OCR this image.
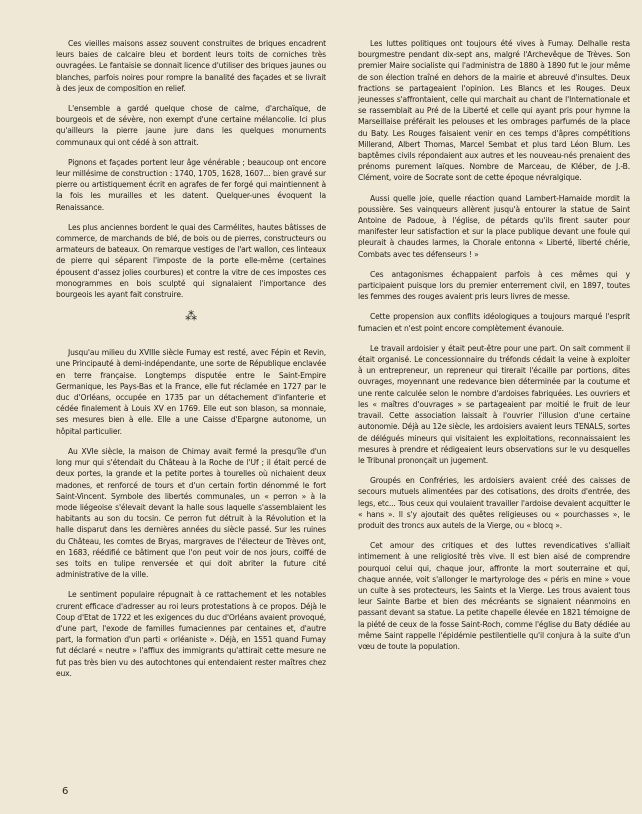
Ces vieilles maisons assez souvent construites de briques encadrent leurs baies de calcaire bleu et bordent leurs toits de corniches très ouvragées. Le fantaisie se donnait licence d'utiliser des briques jaunes ou blanches, parfois noires pour rompre la banalité des façades et se livrait à des jeux de composition en relief.

L'ensemble a gardé quelque chose de calme, d'archaïque, de bourgeois et de sévère, non exempt d'une certaine mélancolie. Ici plus qu'ailleurs la pierre jaune jure dans les quelques monuments communaux qui ont cédé à son attrait.

Pignons et façades portent leur âge vénérable ; beaucoup ont encore leur millésime de construction : 1740, 1705, 1628, 1607... bien gravé sur pierre ou artistiquement écrit en agrafes de fer forgé qui maintiennent à la fois les murailles et les datent. Quelquer-unes évoquent la Renaissance.

Les plus anciennes bordent le quai des Carmélites, hautes bâtisses de commerce, de marchands de blé, de bois ou de pierres, constructeurs ou armateurs de bateaux. On remarque vestiges de l'art wallon, ces linteaux de pierre qui séparent l'imposte de la porte elle-même (certaines épousent d'assez jolies courbures) et contre la vitre de ces impostes ces monogrammes en bois sculpté qui signalaient l'importance des bourgeois les ayant fait construire.

⁂

Jusqu'au milieu du XVIIIe siècle Fumay est resté, avec Fépin et Revin, une Principauté à demi-indépendante, une sorte de République enclavée en terre française. Longtemps disputée entre le Saint-Empire Germanique, les Pays-Bas et la France, elle fut réclamée en 1727 par le duc d'Orléans, occupée en 1735 par un détachement d'infanterie et cédée finalement à Louis XV en 1769. Elle eut son blason, sa monnaie, ses mesures bien à elle. Elle a une Caisse d'Epargne autonome, un hôpital particulier.

Au XVIe siècle, la maison de Chimay avait fermé la presqu'île d'un long mur qui s'étendait du Château à la Roche de l'Uf ; il était percé de deux portes, la grande et la petite portes à tourelles où nichaient deux madones, et renforcé de tours et d'un certain fortin dénommé le fort Saint-Vincent. Symbole des libertés communales, un « perron » à la mode liégeoise s'élevait devant la halle sous laquelle s'assemblaient les habitants au son du tocsin. Ce perron fut détruit à la Révolution et la halle disparut dans les dernières années du siècle passé. Sur les ruines du Château, les comtes de Bryas, margraves de l'électeur de Trèves ont, en 1683, réédifié ce bâtiment que l'on peut voir de nos jours, coiffé de ses toits en tulipe renversée et qui doit abriter la future cité administrative de la ville.

Le sentiment populaire répugnait à ce rattachement et les notables crurent efficace d'adresser au roi leurs protestations à ce propos. Déjà le Coup d'Etat de 1722 et les exigences du duc d'Orléans avaient provoqué, d'une part, l'exode de familles fumaciennes par centaines et, d'autre part, la formation d'un parti « orléaniste ». Déjà, en 1551 quand Fumay fut déclaré « neutre » l'afflux des immigrants qu'attirait cette mesure ne fut pas très bien vu des autochtones qui entendaient rester maîtres chez eux.

Les luttes politiques ont toujours été vives à Fumay. Delhalle resta bourgmestre pendant dix-sept ans, malgré l'Archevêque de Trèves. Son premier Maire socialiste qui l'administra de 1880 à 1890 fut le jour même de son élection traîné en dehors de la mairie et abreuvé d'insultes. Deux fractions se partageaient l'opinion. Les Blancs et les Rouges. Deux jeunesses s'affrontaient, celle qui marchait au chant de l'Internationale et se rassemblait au Pré de la Liberté et celle qui ayant pris pour hymne la Marseillaise préférait les pelouses et les ombrages parfumés de la place du Baty. Les Rouges faisaient venir en ces temps d'âpres compétitions Millerand, Albert Thomas, Marcel Sembat et plus tard Léon Blum. Les baptêmes civils répondaient aux autres et les nouveau-nés prenaient des prénoms purement laïques. Nombre de Marceau, de Kléber, de J.-B. Clément, voire de Socrate sont de cette époque névralgique.

Aussi quelle joie, quelle réaction quand Lambert-Hamaide mordit la poussière. Ses vainqueurs allèrent jusqu'à entourer la statue de Saint Antoine de Padoue, à l'église, de pétards qu'ils firent sauter pour manifester leur satisfaction et sur la place publique devant une foule qui pleurait à chaudes larmes, la Chorale entonna « Liberté, liberté chérie, Combats avec tes défenseurs ! »

Ces antagonismes échappaient parfois à ces mêmes qui y participaient puisque lors du premier enterrement civil, en 1897, toutes les femmes des rouges avaient pris leurs livres de messe.

Cette propension aux conflits idéologiques a toujours marqué l'esprit fumacien et n'est point encore complètement évanouie.

Le travail ardoisier y était peut-être pour une part. On sait comment il était organisé. Le concessionnaire du tréfonds cédait la veine à exploiter à un entrepreneur, un repreneur qui tirerait l'écaille par portions, dites ouvrages, moyennant une redevance bien déterminée par la coutume et une rente calculée selon le nombre d'ardoises fabriquées. Les ouvriers et les « maîtres d'ouvrages » se partageaient par moitié le fruit de leur travail. Cette association laissait à l'ouvrier l'illusion d'une certaine autonomie. Déjà au 12e siècle, les ardoisiers avaient leurs TENALS, sortes de délégués mineurs qui visitaient les exploitations, reconnaissaient les mesures à prendre et rédigeaient leurs observations sur le vu desquelles le Tribunal prononçait un jugement.

Groupés en Confréries, les ardoisiers avaient créé des caisses de secours mutuels alimentées par des cotisations, des droits d'entrée, des legs, etc... Tous ceux qui voulaient travailler l'ardoise devaient acquitter le « hans ». Il s'y ajoutait des quêtes religieuses ou « pourchasses », le produit des troncs aux autels de la Vierge, ou « blocq ».

Cet amour des critiques et des luttes revendicatives s'alliait intimement à une religiosité très vive. Il est bien aisé de comprendre pourquoi celui qui, chaque jour, affronte la mort souterraine et qui, chaque année, voit s'allonger le martyrologe des « péris en mine » voue un culte à ses protecteurs, les Saints et la Vierge. Les trous avaient tous leur Sainte Barbe et bien des mécréants se signaient néanmoins en passant devant sa statue. La petite chapelle élevée en 1821 témoigne de la piété de ceux de la fosse Saint-Roch, comme l'église du Baty dédiée au même Saint rappelle l'épidémie pestilentielle qu'il conjura à la suite d'un vœu de toute la population.

6
